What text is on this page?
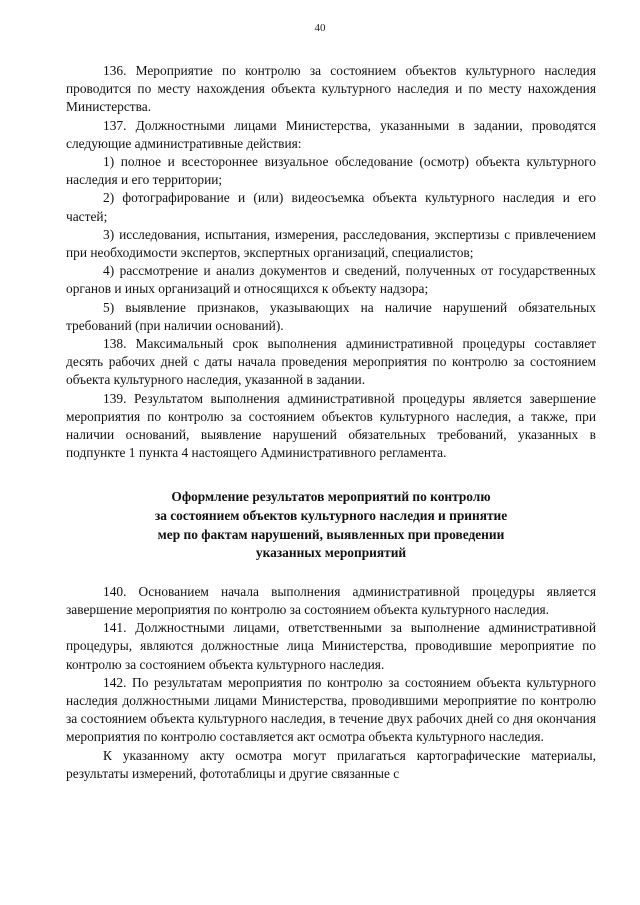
40

136. Мероприятие по контролю за состоянием объектов культурного наследия проводится по месту нахождения объекта культурного наследия и по месту нахождения Министерства.

137. Должностными лицами Министерства, указанными в задании, проводятся следующие административные действия:

1) полное и всестороннее визуальное обследование (осмотр) объекта культурного наследия и его территории;

2) фотографирование и (или) видеосъемка объекта культурного наследия и его частей;

3) исследования, испытания, измерения, расследования, экспертизы с привлечением при необходимости экспертов, экспертных организаций, специалистов;

4) рассмотрение и анализ документов и сведений, полученных от государственных органов и иных организаций и относящихся к объекту надзора;

5) выявление признаков, указывающих на наличие нарушений обязательных требований (при наличии оснований).

138. Максимальный срок выполнения административной процедуры составляет десять рабочих дней с даты начала проведения мероприятия по контролю за состоянием объекта культурного наследия, указанной в задании.

139. Результатом выполнения административной процедуры является завершение мероприятия по контролю за состоянием объектов культурного наследия, а также, при наличии оснований, выявление нарушений обязательных требований, указанных в подпункте 1 пункта 4 настоящего Административного регламента.

Оформление результатов мероприятий по контролю
за состоянием объектов культурного наследия и принятие
мер по фактам нарушений, выявленных при проведении
указанных мероприятий

140. Основанием начала выполнения административной процедуры является завершение мероприятия по контролю за состоянием объекта культурного наследия.

141. Должностными лицами, ответственными за выполнение административной процедуры, являются должностные лица Министерства, проводившие мероприятие по контролю за состоянием объекта культурного наследия.

142. По результатам мероприятия по контролю за состоянием объекта культурного наследия должностными лицами Министерства, проводившими мероприятие по контролю за состоянием объекта культурного наследия, в течение двух рабочих дней со дня окончания мероприятия по контролю составляется акт осмотра объекта культурного наследия.

К указанному акту осмотра могут прилагаться картографические материалы, результаты измерений, фототаблицы и другие связанные с
